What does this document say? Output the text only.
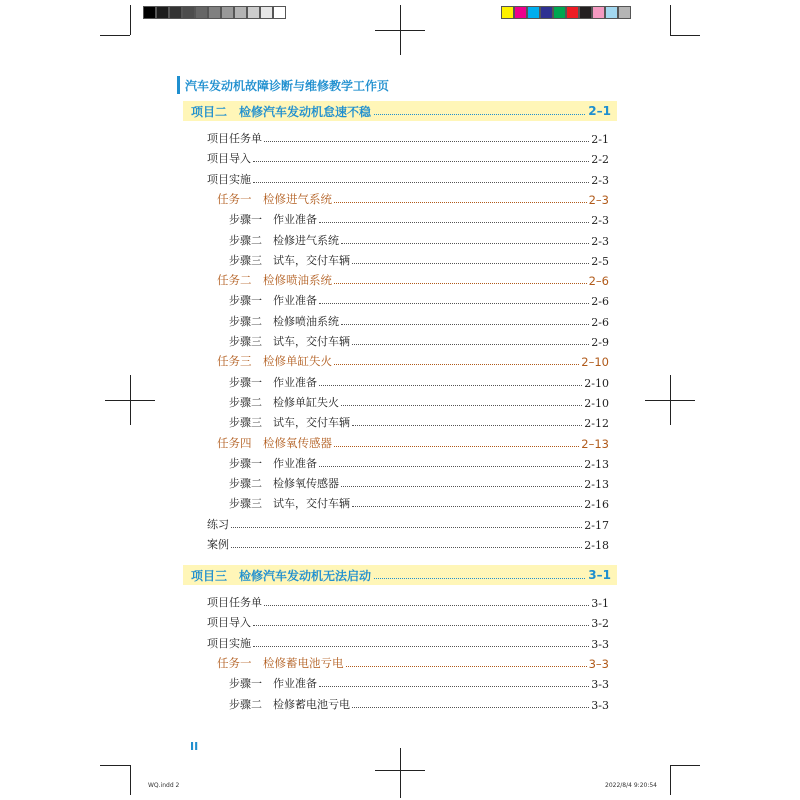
汽车发动机故障诊断与维修教学工作页
项目二　检修汽车发动机怠速不稳	2–1
项目任务单	2-1
项目导入	2-2
项目实施	2-3
任务一　检修进气系统	2–3
步骤一　作业准备	2-3
步骤二　检修进气系统	2-3
步骤三　试车，交付车辆	2-5
任务二　检修喷油系统	2–6
步骤一　作业准备	2-6
步骤二　检修喷油系统	2-6
步骤三　试车，交付车辆	2-9
任务三　检修单缸失火	2–10
步骤一　作业准备	2-10
步骤二　检修单缸失火	2-10
步骤三　试车，交付车辆	2-12
任务四　检修氧传感器	2–13
步骤一　作业准备	2-13
步骤二　检修氧传感器	2-13
步骤三　试车，交付车辆	2-16
练习	2-17
案例	2-18
项目三　检修汽车发动机无法启动	3–1
项目任务单	3-1
项目导入	3-2
项目实施	3-3
任务一　检修蓄电池亏电	3–3
步骤一　作业准备	3-3
步骤二　检修蓄电池亏电	3-3
II
WQ.indd 2	2022/8/4 9:20:54
